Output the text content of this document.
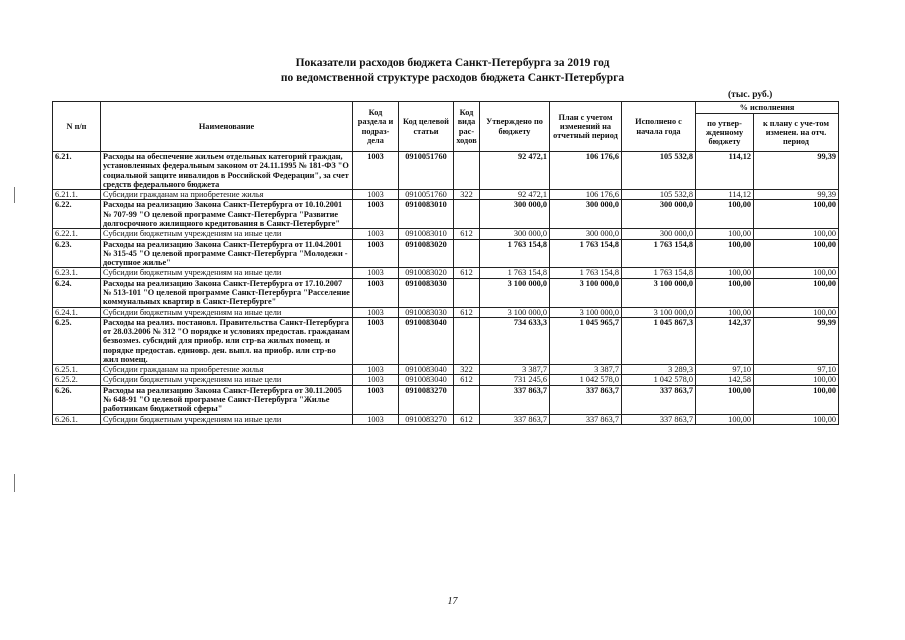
Показатели расходов бюджета Санкт-Петербурга за 2019 год
по ведомственной структуре расходов бюджета Санкт-Петербурга
(тыс. руб.)
N п/п	Наименование	Код раздела и подраз-дела	Код целевой статьи	Код вида рас-ходов	Утверждено по бюджету	План с учетом изменений на отчетный период	Исполнено с начала года	% исполнения	
								по утвер-жденному бюджету	к плану с уче-том изменен. на отч. период
6.21.	Расходы на обеспечение жильем отдельных категорий граждан, установленных федеральным законом от 24.11.1995 № 181-ФЗ "О социальной защите инвалидов в Российской Федерации", за счет средств федерального бюджета	1003	0910051760		92 472,1	106 176,6	105 532,8	114,12	99,39
6.21.1.	Субсидии гражданам на приобретение жилья	1003	0910051760	322	92 472,1	106 176,6	105 532,8	114,12	99,39
6.22.	Расходы на реализацию Закона Санкт-Петербурга от 10.10.2001 № 707-99 "О целевой программе Санкт-Петербурга "Развитие долгосрочного жилищного кредитования в Санкт-Петербурге"	1003	0910083010		300 000,0	300 000,0	300 000,0	100,00	100,00
6.22.1.	Субсидии бюджетным учреждениям на иные цели	1003	0910083010	612	300 000,0	300 000,0	300 000,0	100,00	100,00
6.23.	Расходы на реализацию Закона Санкт-Петербурга от 11.04.2001 № 315-45 "О целевой программе Санкт-Петербурга "Молодежи - доступное жилье"	1003	0910083020		1 763 154,8	1 763 154,8	1 763 154,8	100,00	100,00
6.23.1.	Субсидии бюджетным учреждениям на иные цели	1003	0910083020	612	1 763 154,8	1 763 154,8	1 763 154,8	100,00	100,00
6.24.	Расходы на реализацию Закона Санкт-Петербурга от 17.10.2007 № 513-101 "О целевой программе Санкт-Петербурга "Расселение коммунальных квартир в Санкт-Петербурге"	1003	0910083030		3 100 000,0	3 100 000,0	3 100 000,0	100,00	100,00
6.24.1.	Субсидии бюджетным учреждениям на иные цели	1003	0910083030	612	3 100 000,0	3 100 000,0	3 100 000,0	100,00	100,00
6.25.	Расходы на реализ. постановл. Правительства Санкт-Петербурга от 28.03.2006 № 312 "О порядке и условиях предостав. гражданам безвозмез. субсидий для приобр. или стр-ва жилых помещ. и порядке предостав. единовр. ден. выпл. на приобр. или стр-во жил помещ.	1003	0910083040		734 633,3	1 045 965,7	1 045 867,3	142,37	99,99
6.25.1.	Субсидии гражданам на приобретение жилья	1003	0910083040	322	3 387,7	3 387,7	3 289,3	97,10	97,10
6.25.2.	Субсидии бюджетным учреждениям на иные цели	1003	0910083040	612	731 245,6	1 042 578,0	1 042 578,0	142,58	100,00
6.26.	Расходы на реализацию Закона Санкт-Петербурга от 30.11.2005 № 648-91 "О целевой программе Санкт-Петербурга "Жилье работникам бюджетной сферы"	1003	0910083270		337 863,7	337 863,7	337 863,7	100,00	100,00
6.26.1.	Субсидии бюджетным учреждениям на иные цели	1003	0910083270	612	337 863,7	337 863,7	337 863,7	100,00	100,00
17
